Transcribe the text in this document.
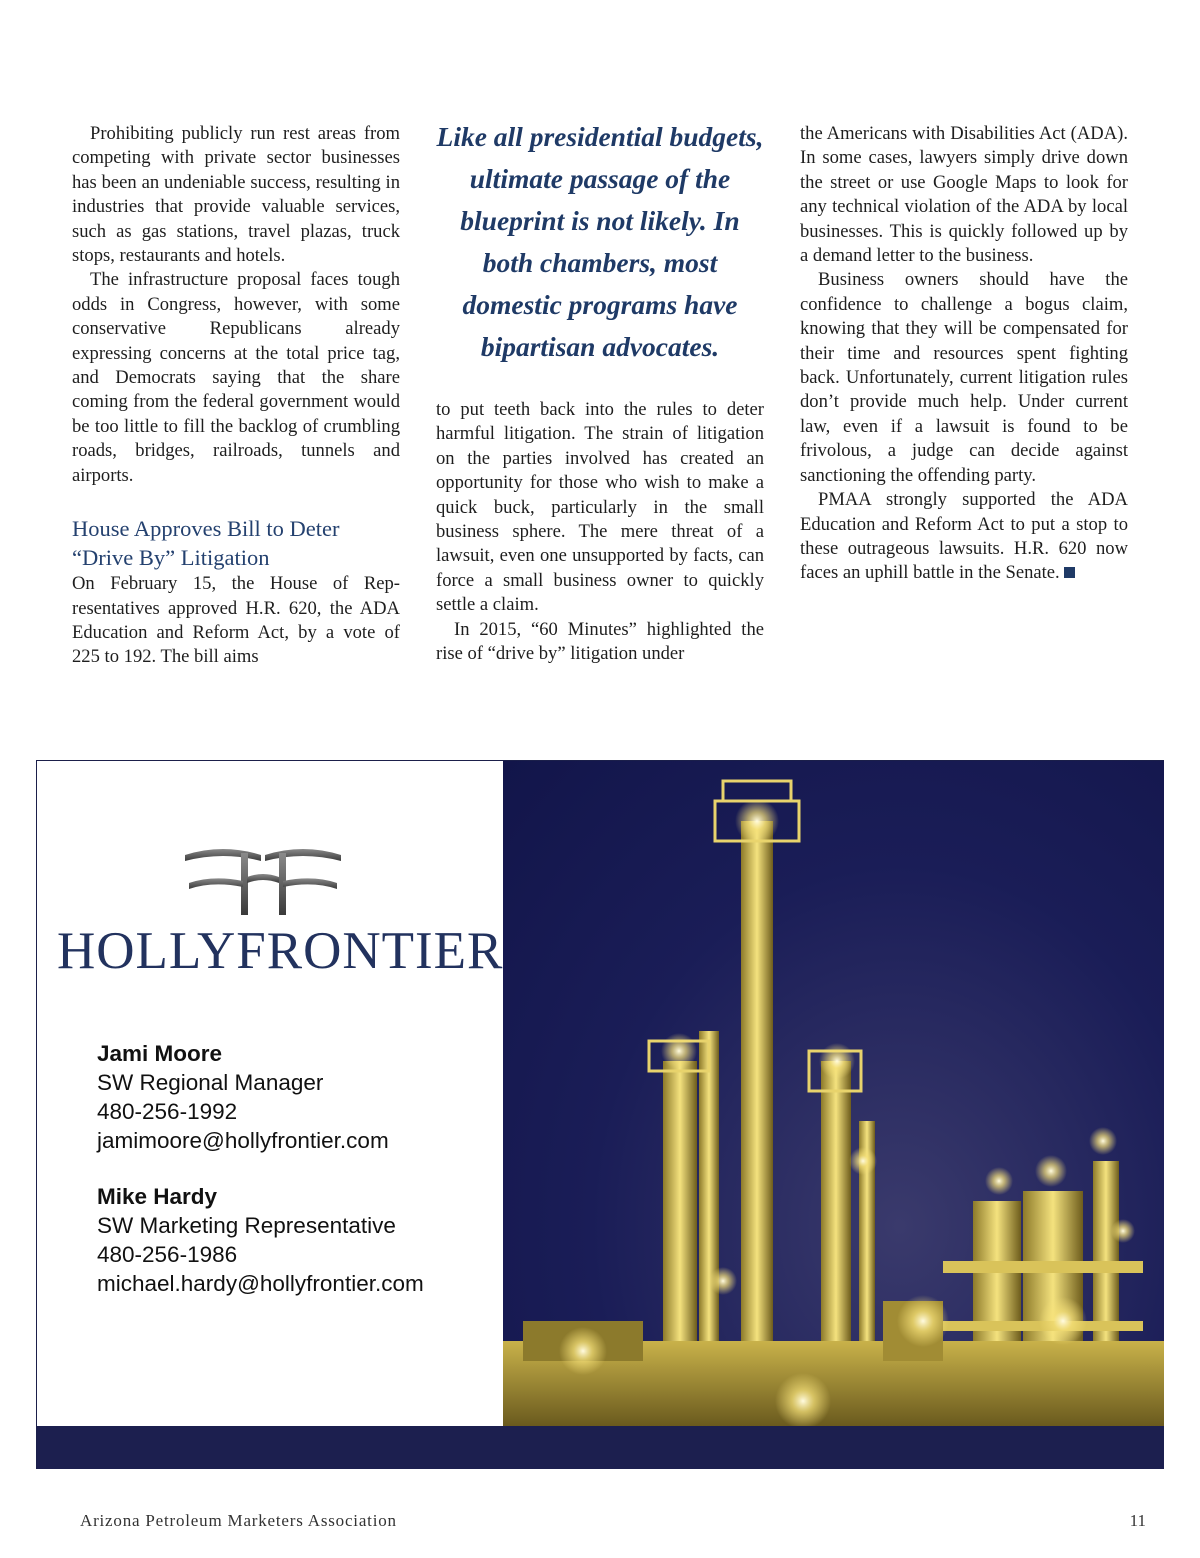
Prohibiting publicly run rest areas from competing with private sector businesses has been an undeniable success, resulting in industries that provide valuable services, such as gas stations, travel plazas, truck stops, restaurants and hotels.

The infrastructure proposal faces tough odds in Congress, however, with some conservative Republicans already expressing concerns at the total price tag, and Democrats saying that the share coming from the federal government would be too little to fill the backlog of crumbling roads, bridges, railroads, tunnels and airports.

House Approves Bill to Deter “Drive By” Litigation

On February 15, the House of Representatives approved H.R. 620, the ADA Education and Reform Act, by a vote of 225 to 192. The bill aims

Like all presidential budgets, ultimate passage of the blueprint is not likely. In both chambers, most domestic programs have bipartisan advocates.

to put teeth back into the rules to deter harmful litigation. The strain of litigation on the parties involved has created an opportunity for those who wish to make a quick buck, particularly in the small business sphere. The mere threat of a lawsuit, even one unsupported by facts, can force a small business owner to quickly settle a claim.

In 2015, “60 Minutes” highlighted the rise of “drive by” litigation under

the Americans with Disabilities Act (ADA). In some cases, lawyers simply drive down the street or use Google Maps to look for any technical violation of the ADA by local businesses. This is quickly followed up by a demand letter to the business.

Business owners should have the confidence to challenge a bogus claim, knowing that they will be compensated for their time and resources spent fighting back. Unfortunately, current litigation rules don’t provide much help. Under current law, even if a lawsuit is found to be frivolous, a judge can decide against sanctioning the offending party.

PMAA strongly supported the ADA Education and Reform Act to put a stop to these outrageous lawsuits. H.R. 620 now faces an uphill battle in the Senate.

HOLLYFRONTIER
Jami Moore
SW Regional Manager
480-256-1992
jamimoore@hollyfrontier.com
Mike Hardy
SW Marketing Representative
480-256-1986
michael.hardy@hollyfrontier.com
Arizona Petroleum Marketers Association	11
